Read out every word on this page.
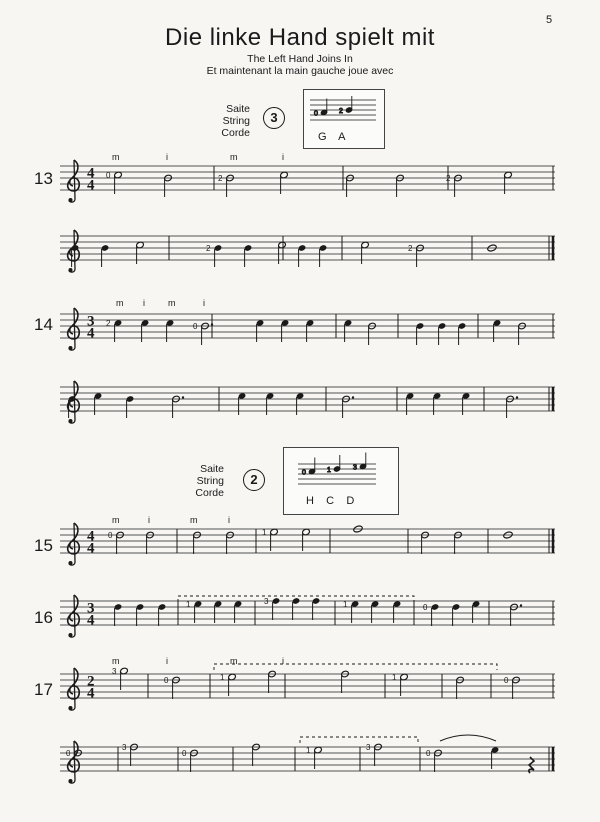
5
Die linke Hand spielt mit
The Left Hand Joins In
Et maintenant la main gauche joue avec
Saite
String
Corde
3
G    A
Saite
String
Corde
2
H    C    D
13
14
15
16
17
0	2	2
2	2
2	0
0	1
1	3	1	0
3
0	1	1	0
0
3
0	1	3
0
4
4
3
4
4
4
3
4
2
4
m	i	m	i
m i	m	i
m	i	m	i
m	i	m	i
0	2
0	1	3
